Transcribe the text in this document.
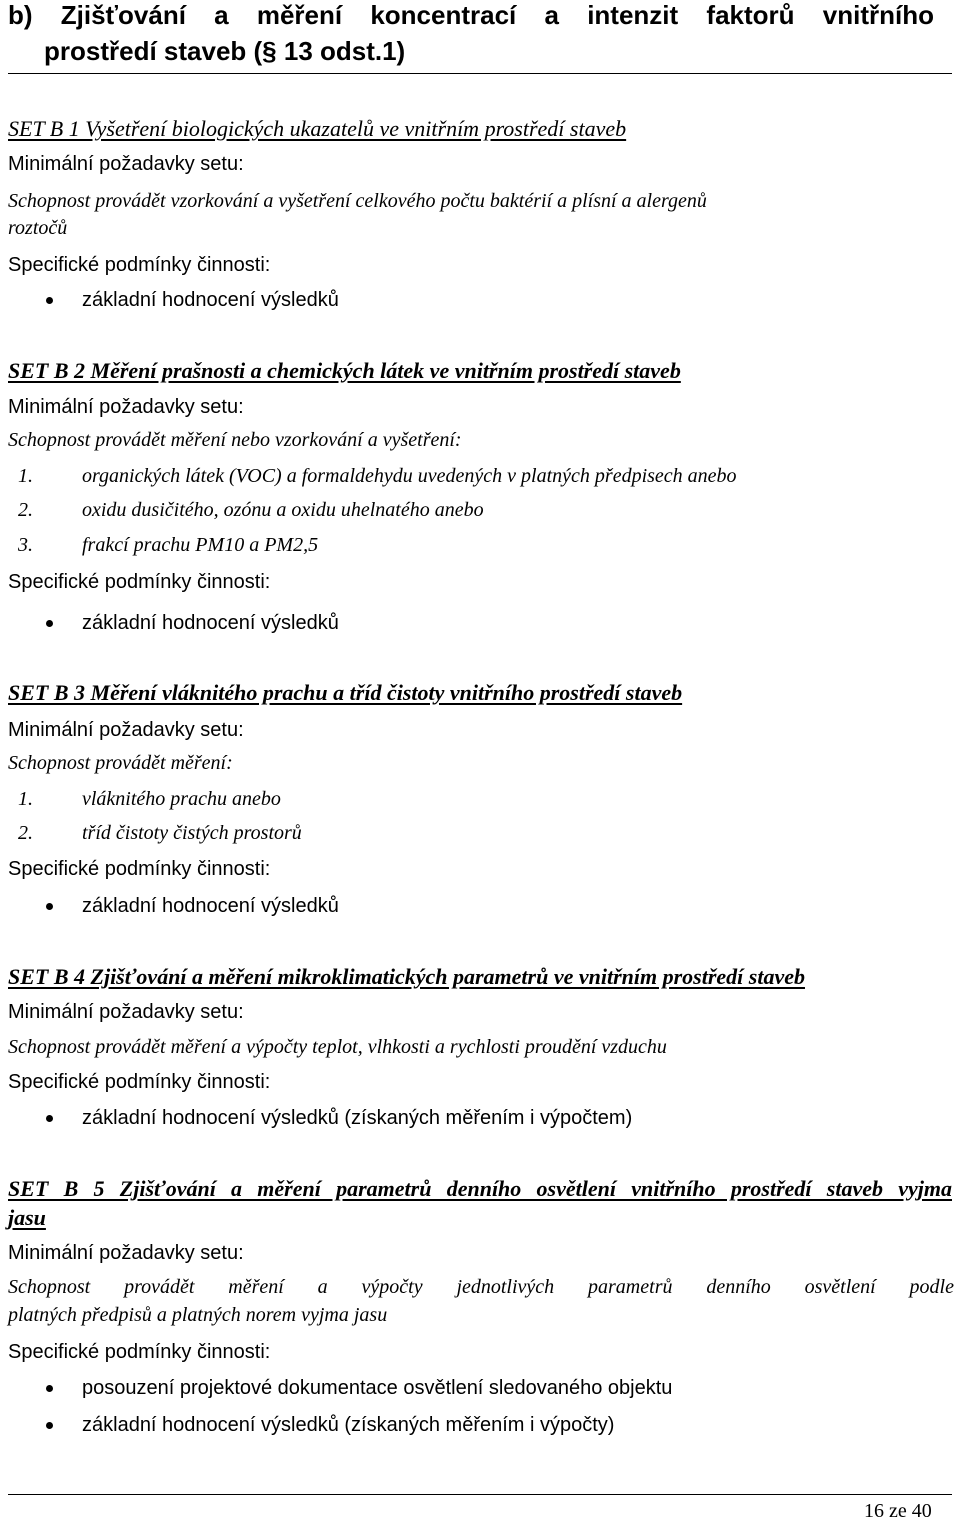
b) Zjišťování a měření koncentrací a intenzit faktorů vnitřního
prostředí staveb (§ 13 odst.1)
SET B 1 Vyšetření biologických ukazatelů ve vnitřním prostředí staveb
Minimální požadavky setu:
Schopnost provádět vzorkování a vyšetření celkového počtu baktérií a plísní a alergenů
roztočů
Specifické podmínky činnosti:
základní hodnocení výsledků
SET B 2 Měření prašnosti a chemických látek ve vnitřním prostředí staveb
Minimální požadavky setu:
Schopnost provádět měření nebo vzorkování a vyšetření:
1. organických látek (VOC) a formaldehydu uvedených v platných předpisech anebo
2. oxidu dusičitého, ozónu a oxidu uhelnatého anebo
3. frakcí prachu PM10 a PM2,5
Specifické podmínky činnosti:
základní hodnocení výsledků
SET B 3 Měření vláknitého prachu a tříd čistoty vnitřního prostředí staveb
Minimální požadavky setu:
Schopnost provádět měření:
1. vláknitého prachu anebo
2. tříd čistoty čistých prostorů
Specifické podmínky činnosti:
základní hodnocení výsledků
SET B 4 Zjišťování a měření mikroklimatických parametrů ve vnitřním prostředí staveb
Minimální požadavky setu:
Schopnost provádět měření a výpočty teplot, vlhkosti a rychlosti proudění vzduchu
Specifické podmínky činnosti:
základní hodnocení výsledků (získaných měřením i výpočtem)
SET B 5 Zjišťování a měření parametrů denního osvětlení vnitřního prostředí staveb vyjma
jasu
Minimální požadavky setu:
Schopnost provádět měření a výpočty jednotlivých parametrů denního osvětlení podle
platných předpisů a platných norem vyjma jasu
Specifické podmínky činnosti:
posouzení projektové dokumentace osvětlení sledovaného objektu
základní hodnocení výsledků (získaných měřením i výpočty)
16 ze 40
